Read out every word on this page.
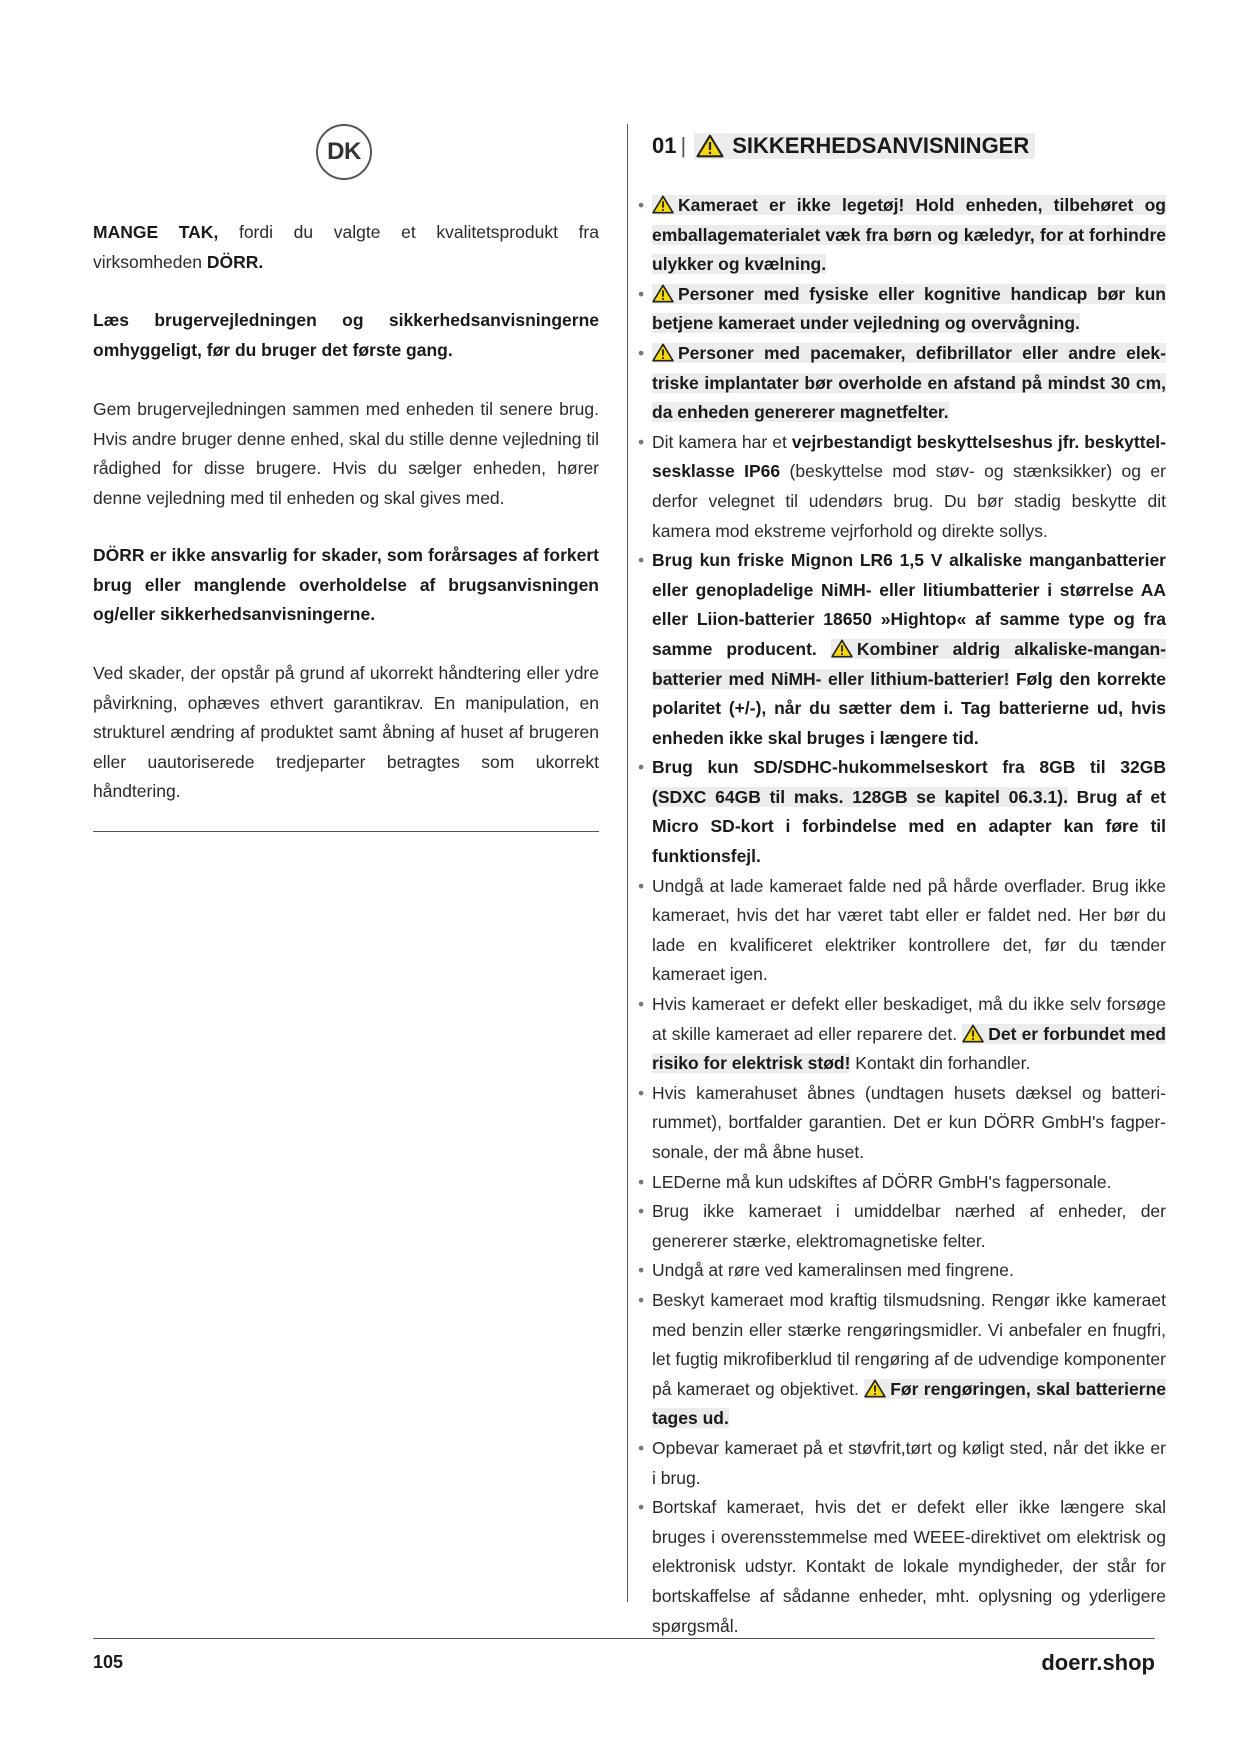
DK

MANGE TAK, fordi du valgte et kvalitetsprodukt fra virksomheden DÖRR.

Læs brugervejledningen og sikkerhedsanvisningerne omhyggeligt, før du bruger det første gang.

Gem brugervejledningen sammen med enheden til senere brug. Hvis andre bruger denne enhed, skal du stille denne vejledning til rådighed for disse brugere. Hvis du sælger enheden, hører denne vejledning med til enheden og skal gives med.

DÖRR er ikke ansvarlig for skader, som forårsages af forkert brug eller manglende overholdelse af brugsanvisningen og/eller sikkerhedsanvisningerne.

Ved skader, der opstår på grund af ukorrekt håndtering eller ydre påvirkning, ophæves ethvert garantikrav. En manipulation, en strukturel ændring af produktet samt åbning af huset af brugeren eller uautoriserede tredjeparter betragtes som ukorrekt håndtering.

01 | SIKKERHEDSANVISNINGER
• Kameraet er ikke legetøj! Hold enheden, tilbehøret og emballagematerialet væk fra børn og kæledyr, for at forhindre ulykker og kvælning.
• Personer med fysiske eller kognitive handicap bør kun betjene kameraet under vejledning og overvågning.
• Personer med pacemaker, defibrillator eller andre elektriske implantater bør overholde en afstand på mindst 30 cm, da enheden genererer magnetfelter.
• Dit kamera har et vejrbestandigt beskyttelseshus jfr. beskyttelsesklasse IP66 (beskyttelse mod støv- og stænksikker) og er derfor velegnet til udendørs brug. Du bør stadig beskytte dit kamera mod ekstreme vejrforhold og direkte sollys.
• Brug kun friske Mignon LR6 1,5 V alkaliske manganbatterier eller genopladelige NiMH- eller litiumbatterier i størrelse AA eller Liion-batterier 18650 »Hightop« af samme type og fra samme producent. Kombiner aldrig alkaliske-mangan-batterier med NiMH- eller lithium-batterier! Følg den korrekte polaritet (+/-), når du sætter dem i. Tag batterierne ud, hvis enheden ikke skal bruges i længere tid.
• Brug kun SD/SDHC-hukommelseskort fra 8GB til 32GB (SDXC 64GB til maks. 128GB se kapitel 06.3.1). Brug af et Micro SD-kort i forbindelse med en adapter kan føre til funktionsfejl.
• Undgå at lade kameraet falde ned på hårde overflader. Brug ikke kameraet, hvis det har været tabt eller er faldet ned. Her bør du lade en kvalificeret elektriker kontrollere det, før du tænder kameraet igen.
• Hvis kameraet er defekt eller beskadiget, må du ikke selv forsøge at skille kameraet ad eller reparere det. Det er forbundet med risiko for elektrisk stød! Kontakt din forhandler.
• Hvis kamerahuset åbnes (undtagen husets dæksel og batterirummet), bortfalder garantien. Det er kun DÖRR GmbH's fagpersonale, der må åbne huset.
• LEDerne må kun udskiftes af DÖRR GmbH's fagpersonale.
• Brug ikke kameraet i umiddelbar nærhed af enheder, der genererer stærke, elektromagnetiske felter.
• Undgå at røre ved kameralinsen med fingrene.
• Beskyt kameraet mod kraftig tilsmudsning. Rengør ikke kameraet med benzin eller stærke rengøringsmidler. Vi anbefaler en fnugfri, let fugtig mikrofiberklud til rengøring af de udvendige komponenter på kameraet og objektivet. Før rengøringen, skal batterierne tages ud.
• Opbevar kameraet på et støvfrit,tørt og køligt sted, når det ikke er i brug.
• Bortskaf kameraet, hvis det er defekt eller ikke længere skal bruges i overensstemmelse med WEEE-direktivet om elektrisk og elektronisk udstyr. Kontakt de lokale myndigheder, der står for bortskaffelse af sådanne enheder, mht. oplysning og yderligere spørgsmål.
105	doerr.shop
